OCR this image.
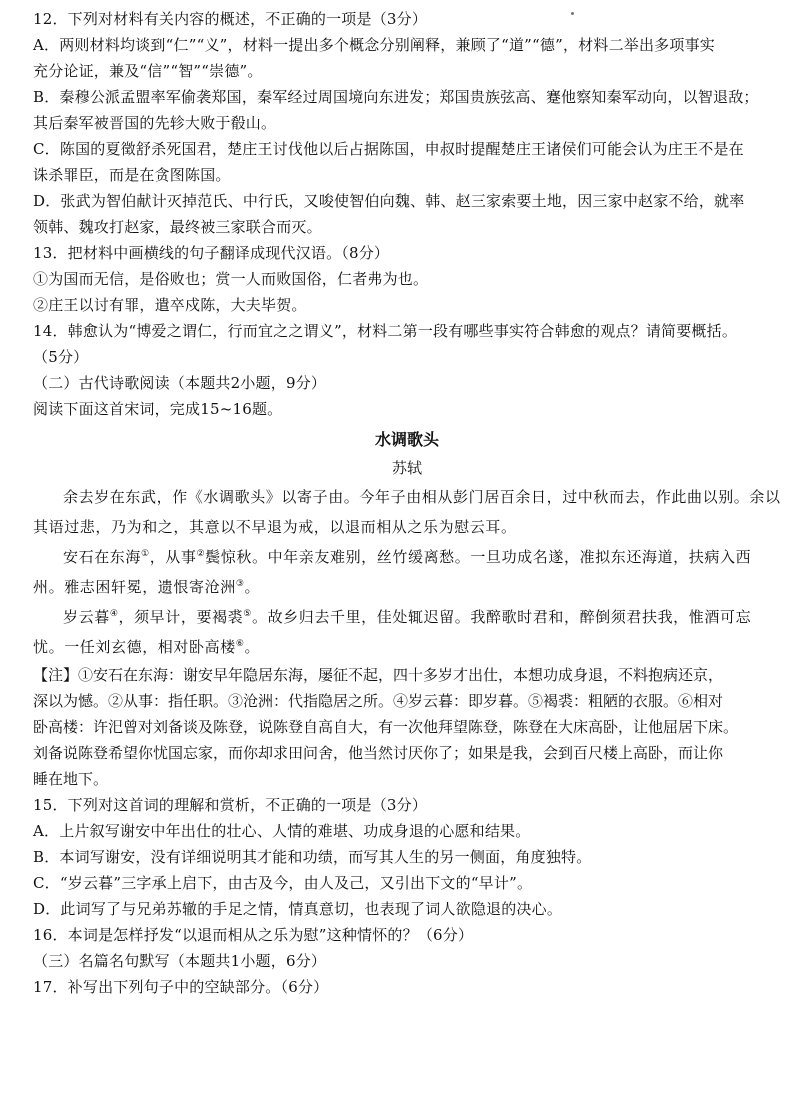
12．下列对材料有关内容的概述，不正确的一项是（3分）

A．两则材料均谈到“仁”“义”，材料一提出多个概念分别阐释，兼顾了“道”“德”，材料二举出多项事实

充分论证，兼及“信”“智”“崇德”。

B．秦穆公派孟盟率军偷袭郑国，秦军经过周国境向东进发；郑国贵族弦高、蹇他察知秦军动向，以智退敌；

其后秦军被晋国的先轸大败于殽山。

C．陈国的夏徵舒杀死国君，楚庄王讨伐他以后占据陈国，申叔时提醒楚庄王诸侯们可能会认为庄王不是在

诛杀罪臣，而是在贪图陈国。

D．张武为智伯献计灭掉范氏、中行氏，又唆使智伯向魏、韩、赵三家索要土地，因三家中赵家不给，就率

领韩、魏攻打赵家，最终被三家联合而灭。

13．把材料中画横线的句子翻译成现代汉语。（8分）

①为国而无信，是俗败也；赏一人而败国俗，仁者弗为也。

②庄王以讨有罪，遣卒戍陈，大夫毕贺。

14．韩愈认为“博爱之谓仁，行而宜之之谓义”，材料二第一段有哪些事实符合韩愈的观点？请简要概括。

（5分）

（二）古代诗歌阅读（本题共2小题，9分）

阅读下面这首宋词，完成15~16题。

水调歌头
苏轼

余去岁在东武，作《水调歌头》以寄子由。今年子由相从彭门居百余日，过中秋而去，作此曲以别。余以其语过悲，乃为和之，其意以不早退为戒，以退而相从之乐为慰云耳。

安石在东海①，从事②鬓惊秋。中年亲友难别，丝竹缓离愁。一旦功成名遂，准拟东还海道，扶病入西州。雅志困轩冕，遗恨寄沧洲③。

岁云暮④，须早计，要褐裘⑤。故乡归去千里，佳处辄迟留。我醉歌时君和，醉倒须君扶我，惟酒可忘忧。一任刘玄德，相对卧高楼⑥。

【注】①安石在东海：谢安早年隐居东海，屡征不起，四十多岁才出仕，本想功成身退，不料抱病还京，

深以为憾。②从事：指任职。③沧洲：代指隐居之所。④岁云暮：即岁暮。⑤褐裘：粗陋的衣服。⑥相对

卧高楼：许汜曾对刘备谈及陈登，说陈登自高自大，有一次他拜望陈登，陈登在大床高卧，让他屈居下床。

刘备说陈登希望你忧国忘家，而你却求田问舍，他当然讨厌你了；如果是我，会到百尺楼上高卧，而让你

睡在地下。

15．下列对这首词的理解和赏析，不正确的一项是（3分）

A．上片叙写谢安中年出仕的壮心、人情的难堪、功成身退的心愿和结果。

B．本词写谢安，没有详细说明其才能和功绩，而写其人生的另一侧面，角度独特。

C．“岁云暮”三字承上启下，由古及今，由人及己，又引出下文的“早计”。

D．此词写了与兄弟苏辙的手足之情，情真意切，也表现了词人欲隐退的决心。

16．本词是怎样抒发“以退而相从之乐为慰”这种情怀的？（6分）

（三）名篇名句默写（本题共1小题，6分）

17．补写出下列句子中的空缺部分。（6分）
